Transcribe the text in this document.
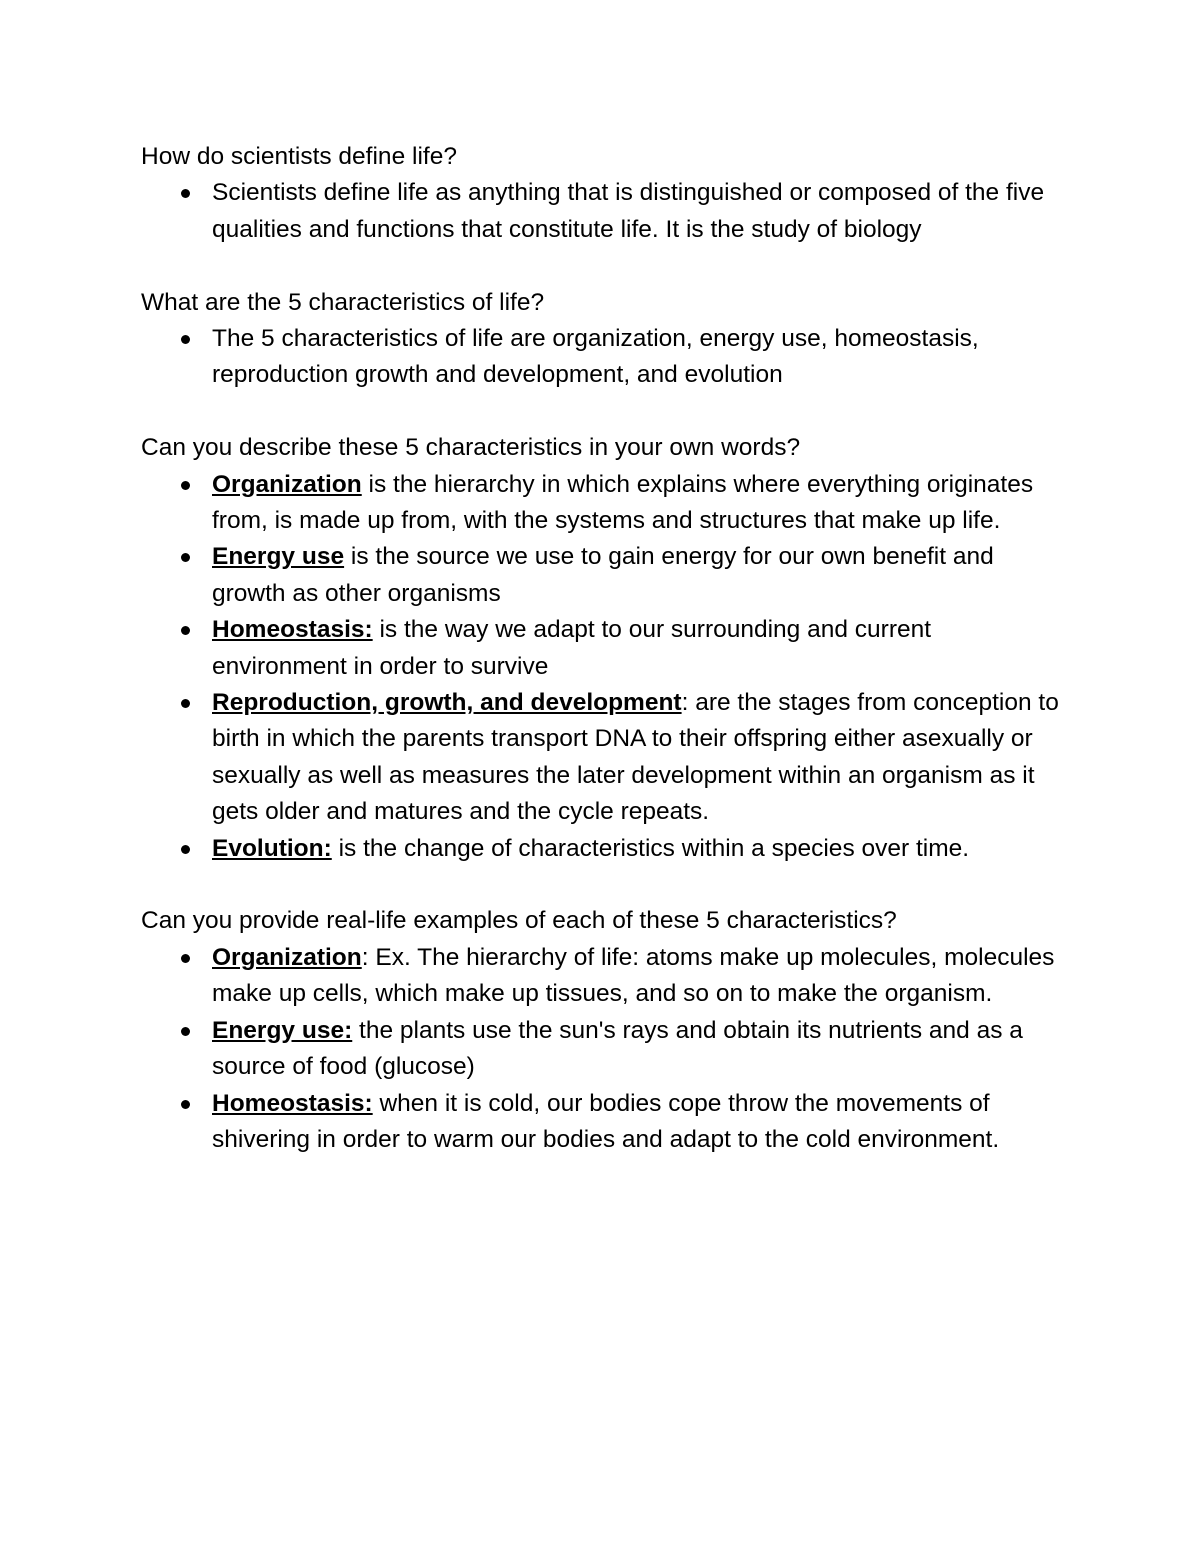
How do scientists define life?

Scientists define life as anything that is distinguished or composed of the five qualities and functions that constitute life. It is the study of biology

What are the 5 characteristics of life?

The 5 characteristics of life are organization, energy use, homeostasis, reproduction growth and development, and evolution

Can you describe these 5 characteristics in your own words?

Organization is the hierarchy in which explains where everything originates from, is made up from, with the systems and structures that make up life.
Energy use is the source we use to gain energy for our own benefit and growth as other organisms
Homeostasis: is the way we adapt to our surrounding and current environment in order to survive
Reproduction, growth, and development: are the stages from conception to birth in which the parents transport DNA to their offspring either asexually or sexually as well as measures the later development within an organism as it gets older and matures and the cycle repeats.
Evolution: is the change of characteristics within a species over time.

Can you provide real-life examples of each of these 5 characteristics?

Organization: Ex. The hierarchy of life: atoms make up molecules, molecules make up cells, which make up tissues, and so on to make the organism.
Energy use: the plants use the sun's rays and obtain its nutrients and as a source of food (glucose)
Homeostasis: when it is cold, our bodies cope throw the movements of shivering in order to warm our bodies and adapt to the cold environment.
